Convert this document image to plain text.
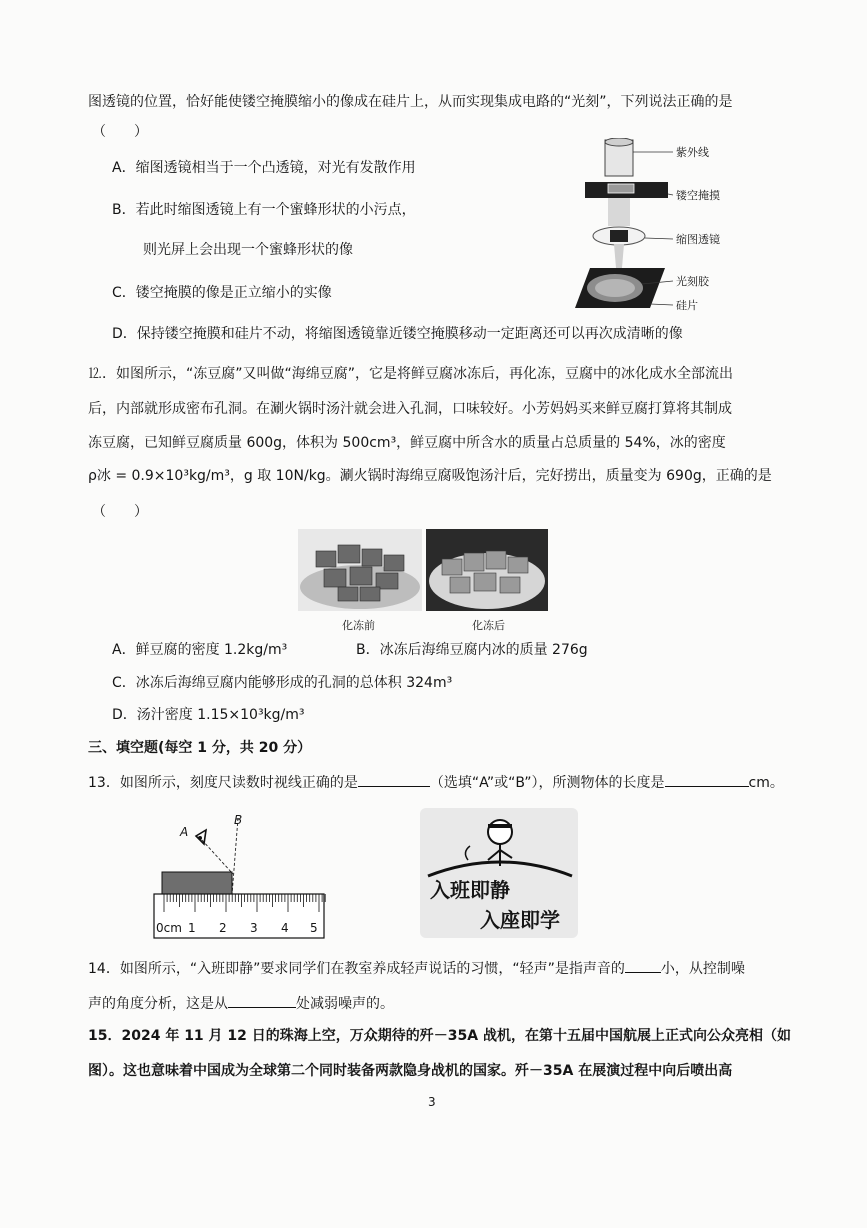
图透镜的位置，恰好能使镂空掩膜缩小的像成在硅片上，从而实现集成电路的“光刻”，下列说法正确的是
（　　）
A．缩图透镜相当于一个凸透镜，对光有发散作用
B．若此时缩图透镜上有一个蜜蜂形状的小污点，
则光屏上会出现一个蜜蜂形状的像
C．镂空掩膜的像是正立缩小的实像
D．保持镂空掩膜和硅片不动，将缩图透镜靠近镂空掩膜移动一定距离还可以再次成清晰的像
紫外线
镂空掩摸
缩图透镜
光刻胶
硅片
⒓．如图所示，“冻豆腐”又叫做“海绵豆腐”，它是将鲜豆腐冰冻后，再化冻，豆腐中的冰化成水全部流出
后，内部就形成密布孔洞。在涮火锅时汤汁就会进入孔洞，口味较好。小芳妈妈买来鲜豆腐打算将其制成
冻豆腐，已知鲜豆腐质量 600g，体积为 500cm³，鲜豆腐中所含水的质量占总质量的 54%，冰的密度
ρ冰 = 0.9×10³kg/m³，g 取 10N/kg。涮火锅时海绵豆腐吸饱汤汁后，完好捞出，质量变为 690g，正确的是
（　　）
化冻前	化冻后
A．鲜豆腐的密度 1.2kg/m³	B．冰冻后海绵豆腐内冰的质量 276g
C．冰冻后海绵豆腐内能够形成的孔洞的总体积 324m³
D．汤汁密度 1.15×10³kg/m³
三、填空题(每空 1 分，共 20 分）
13．如图所示，刻度尺读数时视线正确的是	（选填“A”或“B”），所测物体的长度是	cm。
A
B
0cm 1 2 3 4 5
入班即静
入座即学
14．如图所示，“入班即静”要求同学们在教室养成轻声说话的习惯，“轻声”是指声音的	小，从控制噪
声的角度分析，这是从	处减弱噪声的。
15．2024 年 11 月 12 日的珠海上空，万众期待的歼－35A 战机，在第十五届中国航展上正式向公众亮相（如
图）。这也意味着中国成为全球第二个同时装备两款隐身战机的国家。歼－35A 在展演过程中向后喷出高
3
